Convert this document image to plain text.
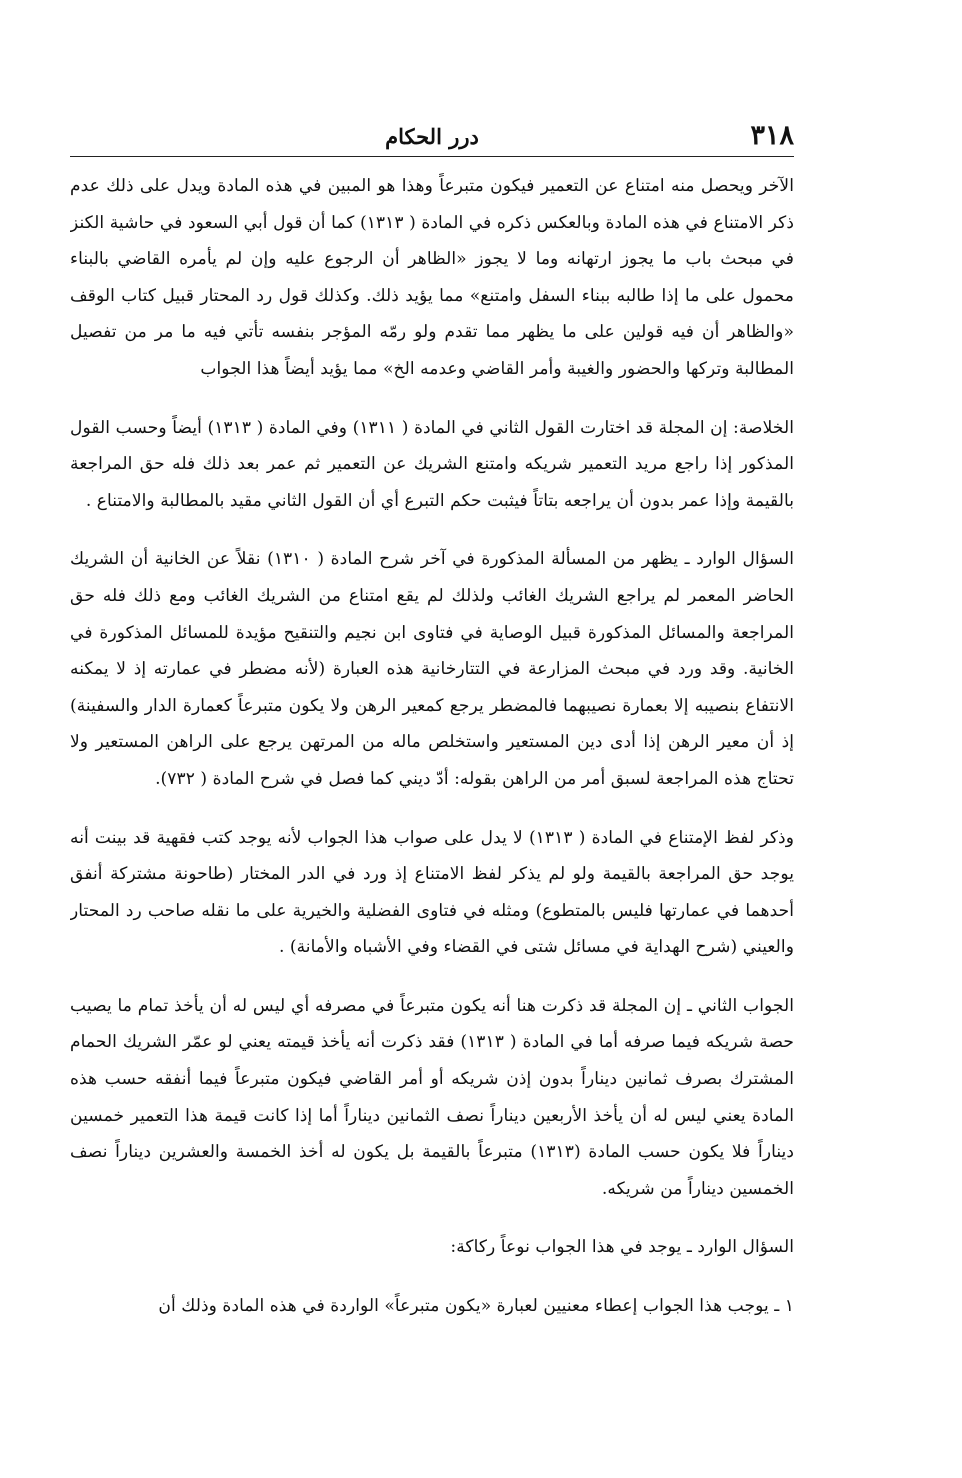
٣١٨
درر الحكام

الآخر ويحصل منه امتناع عن التعمير فيكون متبرعاً وهذا هو المبين في هذه المادة ويدل على ذلك عدم ذكر الامتناع في هذه المادة وبالعكس ذكره في المادة ( ١٣١٣) كما أن قول أبي السعود في حاشية الكنز في مبحث باب ما يجوز ارتهانه وما لا يجوز «الظاهر أن الرجوع عليه وإن لم يأمره القاضي بالبناء محمول على ما إذا طالبه ببناء السفل وامتنع» مما يؤيد ذلك. وكذلك قول رد المحتار قبيل كتاب الوقف «والظاهر أن فيه قولين على ما يظهر مما تقدم ولو رمّه المؤجر بنفسه تأتي فيه ما مر من تفصيل المطالبة وتركها والحضور والغيبة وأمر القاضي وعدمه الخ» مما يؤيد أيضاً هذا الجواب

الخلاصة: إن المجلة قد اختارت القول الثاني في المادة ( ١٣١١) وفي المادة ( ١٣١٣) أيضاً وحسب القول المذكور إذا راجع مريد التعمير شريكه وامتنع الشريك عن التعمير ثم عمر بعد ذلك فله حق المراجعة بالقيمة وإذا عمر بدون أن يراجعه بتاتاً فيثبت حكم التبرع أي أن القول الثاني مقيد بالمطالبة والامتناع .

السؤال الوارد ـ يظهر من المسألة المذكورة في آخر شرح المادة ( ١٣١٠) نقلاً عن الخانية أن الشريك الحاضر المعمر لم يراجع الشريك الغائب ولذلك لم يقع امتناع من الشريك الغائب ومع ذلك فله حق المراجعة والمسائل المذكورة قبيل الوصاية في فتاوى ابن نجيم والتنقيح مؤيدة للمسائل المذكورة في الخانية. وقد ورد في مبحث المزارعة في التتارخانية هذه العبارة (لأنه مضطر في عمارته إذ لا يمكنه الانتفاع بنصيبه إلا بعمارة نصيبهما فالمضطر يرجع كمعير الرهن ولا يكون متبرعاً كعمارة الدار والسفينة) إذ أن معير الرهن إذا أدى دين المستعير واستخلص ماله من المرتهن يرجع على الراهن المستعير ولا تحتاج هذه المراجعة لسبق أمر من الراهن بقوله: أدّ ديني كما فصل في شرح المادة ( ٧٣٢).

وذكر لفظ الإمتناع في المادة ( ١٣١٣) لا يدل على صواب هذا الجواب لأنه يوجد كتب فقهية قد بينت أنه يوجد حق المراجعة بالقيمة ولو لم يذكر لفظ الامتناع إذ ورد في الدر المختار (طاحونة مشتركة أنفق أحدهما في عمارتها فليس بالمتطوع) ومثله في فتاوى الفضلية والخيرية على ما نقله صاحب رد المحتار والعيني (شرح الهداية في مسائل شتى في القضاء وفي الأشباه والأمانة) .

الجواب الثاني ـ إن المجلة قد ذكرت هنا أنه يكون متبرعاً في مصرفه أي ليس له أن يأخذ تمام ما يصيب حصة شريكه فيما صرفه أما في المادة ( ١٣١٣) فقد ذكرت أنه يأخذ قيمته يعني لو عمّر الشريك الحمام المشترك بصرف ثمانين ديناراً بدون إذن شريكه أو أمر القاضي فيكون متبرعاً فيما أنفقه حسب هذه المادة يعني ليس له أن يأخذ الأربعين ديناراً نصف الثمانين ديناراً أما إذا كانت قيمة هذا التعمير خمسين ديناراً فلا يكون حسب المادة (١٣١٣) متبرعاً بالقيمة بل يكون له أخذ الخمسة والعشرين ديناراً نصف الخمسين ديناراً من شريكه.

السؤال الوارد ـ يوجد في هذا الجواب نوعاً ركاكة:

١ ـ يوجب هذا الجواب إعطاء معنيين لعبارة «يكون متبرعاً» الواردة في هذه المادة وذلك أن
